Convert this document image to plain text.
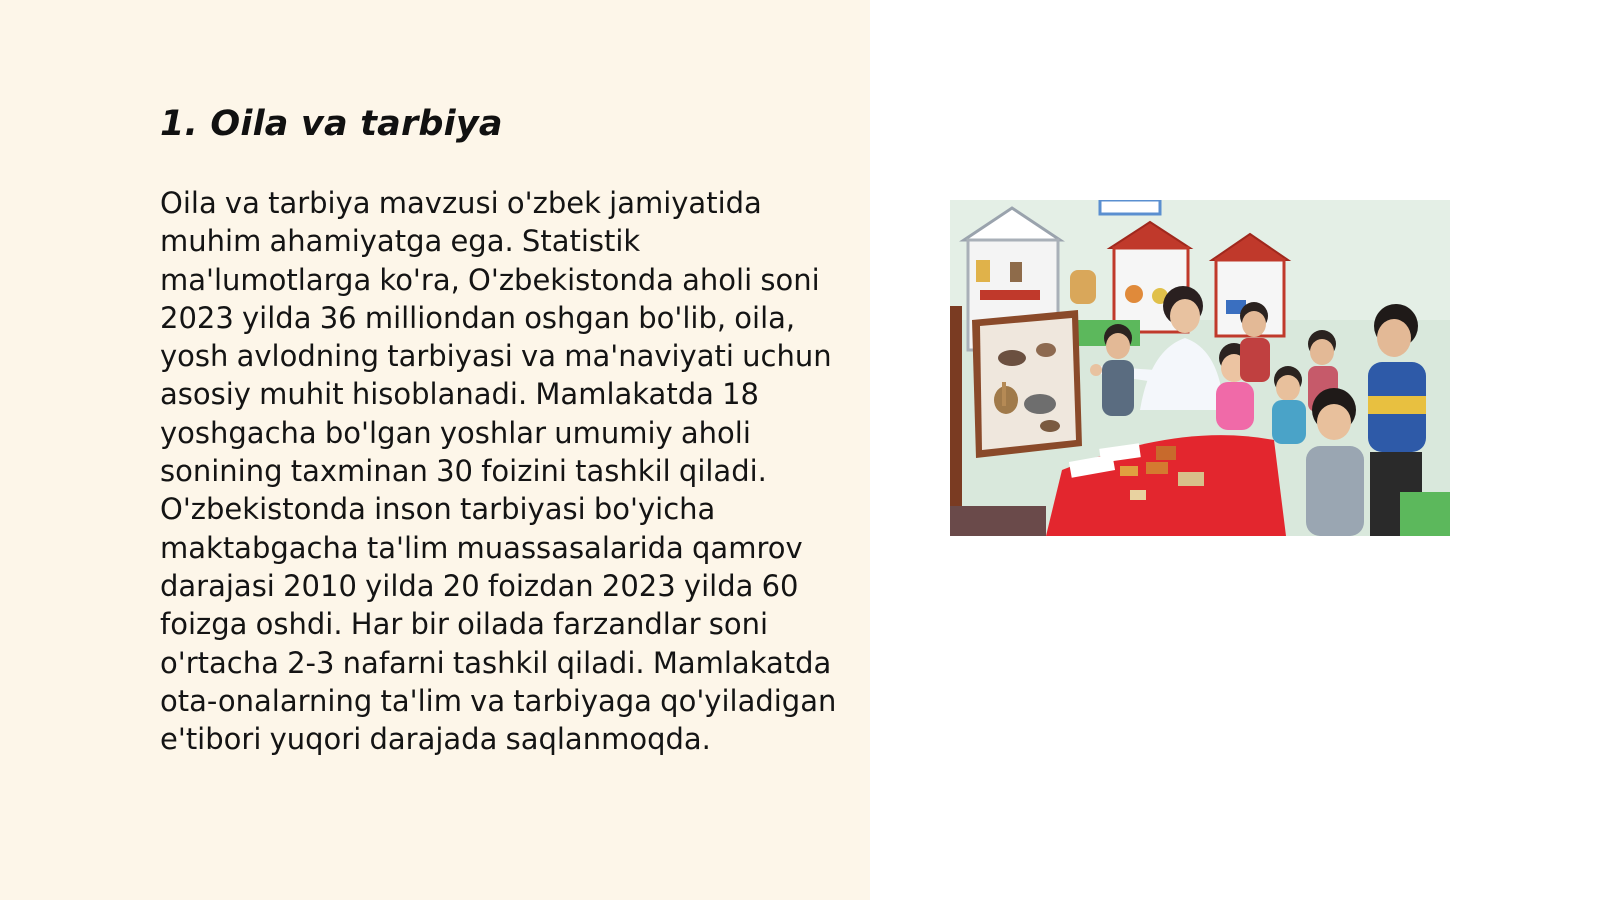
1. Oila va tarbiya

Oila va tarbiya mavzusi o'zbek jamiyatida muhim ahamiyatga ega. Statistik ma'lumotlarga ko'ra, O'zbekistonda aholi soni 2023 yilda 36 milliondan oshgan bo'lib, oila, yosh avlodning tarbiyasi va ma'naviyati uchun asosiy muhit hisoblanadi. Mamlakatda 18 yoshgacha bo'lgan yoshlar umumiy aholi sonining taxminan 30 foizini tashkil qiladi. O'zbekistonda inson tarbiyasi bo'yicha maktabgacha ta'lim muassasalarida qamrov darajasi 2010 yilda 20 foizdan 2023 yilda 60 foizga oshdi. Har bir oilada farzandlar soni o'rtacha 2-3 nafarni tashkil qiladi. Mamlakatda ota-onalarning ta'lim va tarbiyaga qo'yiladigan e'tibori yuqori darajada saqlanmoqda.
